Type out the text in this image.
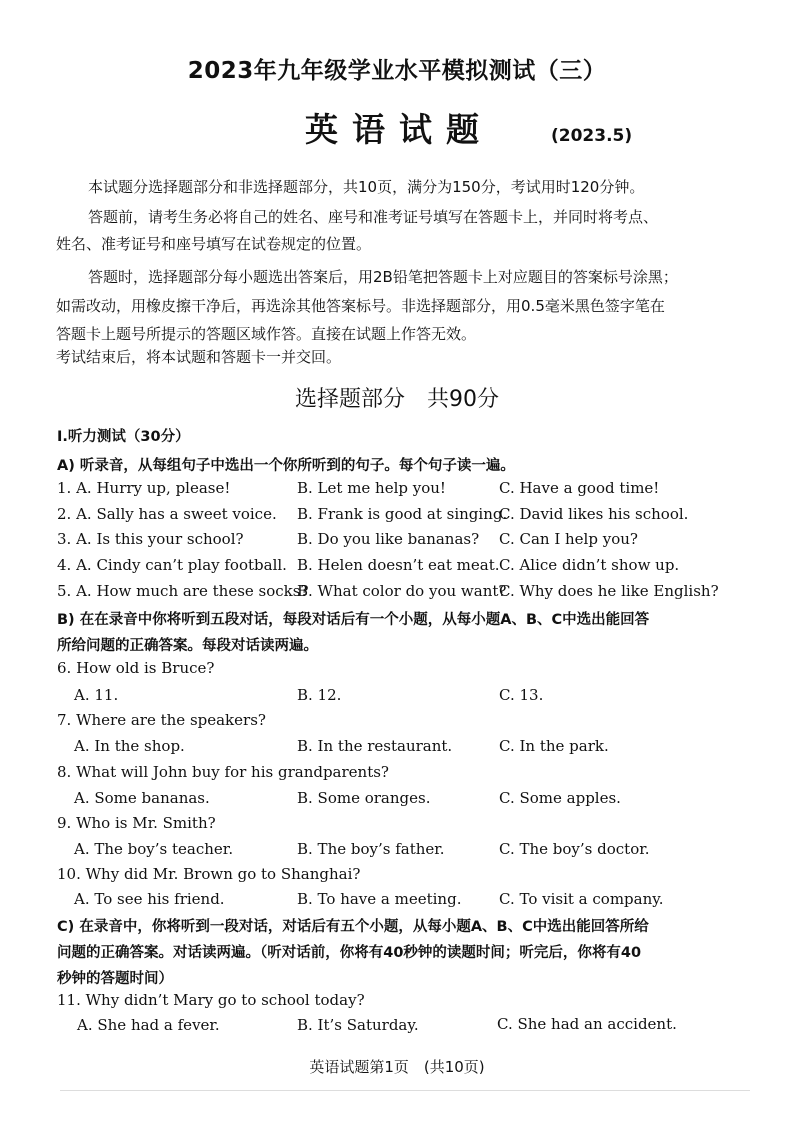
2023年九年级学业水平模拟测试（三）
英语试题	(2023.5)
本试题分选择题部分和非选择题部分，共10页，满分为150分，考试用时120分钟。
答题前，请考生务必将自己的姓名、座号和准考证号填写在答题卡上，并同时将考点、
姓名、准考证号和座号填写在试卷规定的位置。
答题时，选择题部分每小题选出答案后，用2B铅笔把答题卡上对应题目的答案标号涂黑；
如需改动，用橡皮擦干净后，再选涂其他答案标号。非选择题部分，用0.5毫米黑色签字笔在
答题卡上题号所提示的答题区域作答。直接在试题上作答无效。
考试结束后，将本试题和答题卡一并交回。
选择题部分　共90分
Ⅰ.听力测试（30分）
A) 听录音，从每组句子中选出一个你所听到的句子。每个句子读一遍。
1. A. Hurry up, please!	B. Let me help you!	C. Have a good time!
2. A. Sally has a sweet voice. B. Frank is good at singing.
C. David likes his school.
3. A. Is this your school?	B. Do you like bananas? C. Can I help you?
4. A. Cindy can’t play football. B. Helen doesn’t eat meat. C. Alice didn’t show up.
5. A. How much are these socks?
B. What color do you want?
C. Why does he like English?
B) 在在录音中你将听到五段对话，每段对话后有一个小题，从每小题A、B、C中选出能回答
所给问题的正确答案。每段对话读两遍。
6. How old is Bruce?
A. 11.	B. 12.	C. 13.
7. Where are the speakers?
A. In the shop.	B. In the restaurant.	C. In the park.
8. What will John buy for his grandparents?
A. Some bananas.	B. Some oranges.	C. Some apples.
9. Who is Mr. Smith?
A. The boy’s teacher.	B. The boy’s father.	C. The boy’s doctor.
10. Why did Mr. Brown go to Shanghai?
A. To see his friend.	B. To have a meeting.	C. To visit a company.
C) 在录音中，你将听到一段对话，对话后有五个小题，从每小题A、B、C中选出能回答所给
问题的正确答案。对话读两遍。（听对话前，你将有40秒钟的读题时间；听完后，你将有40
秒钟的答题时间）
11. Why didn’t Mary go to school today?
A. She had a fever.	B. It’s Saturday.	C. She had an accident.
英语试题第1页　(共10页)
